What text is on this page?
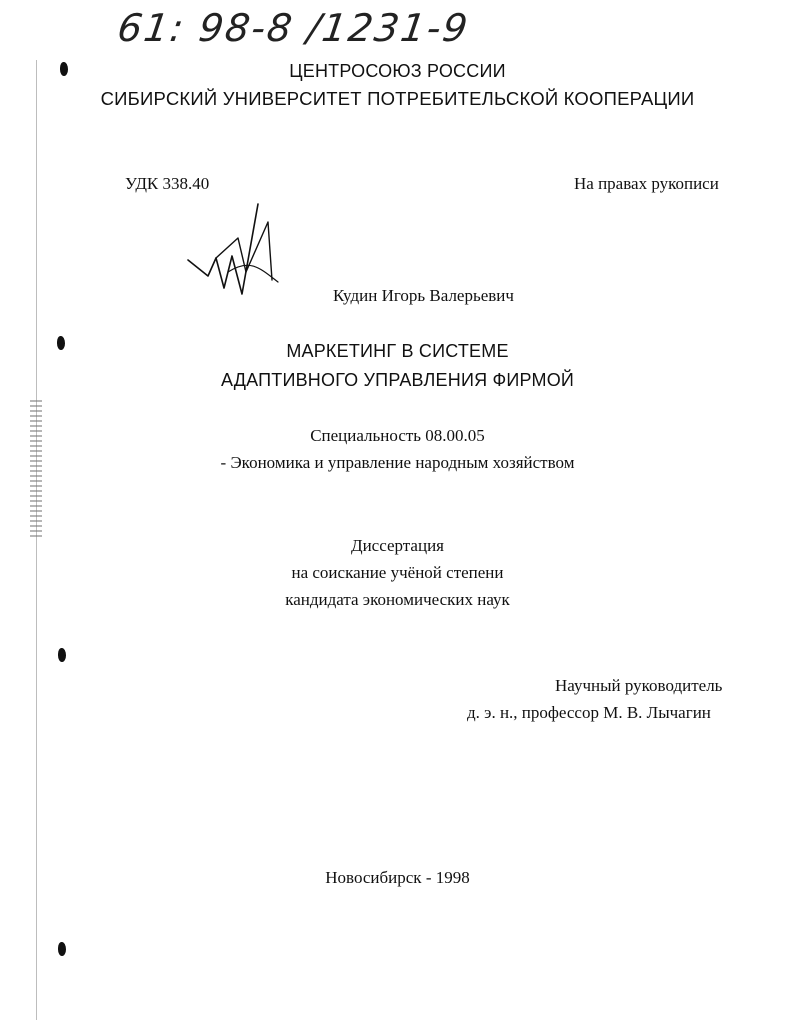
61: 98-8 /1231-9
ЦЕНТРОСОЮЗ РОССИИ
СИБИРСКИЙ УНИВЕРСИТЕТ ПОТРЕБИТЕЛЬСКОЙ КООПЕРАЦИИ
УДК 338.40	На правах рукописи
Кудин Игорь Валерьевич
МАРКЕТИНГ В СИСТЕМЕ
АДАПТИВНОГО УПРАВЛЕНИЯ ФИРМОЙ
Специальность 08.00.05
- Экономика и управление народным хозяйством
Диссертация
на соискание учёной степени
кандидата экономических наук
Научный руководитель
д. э. н., профессор М. В. Лычагин
Новосибирск - 1998
